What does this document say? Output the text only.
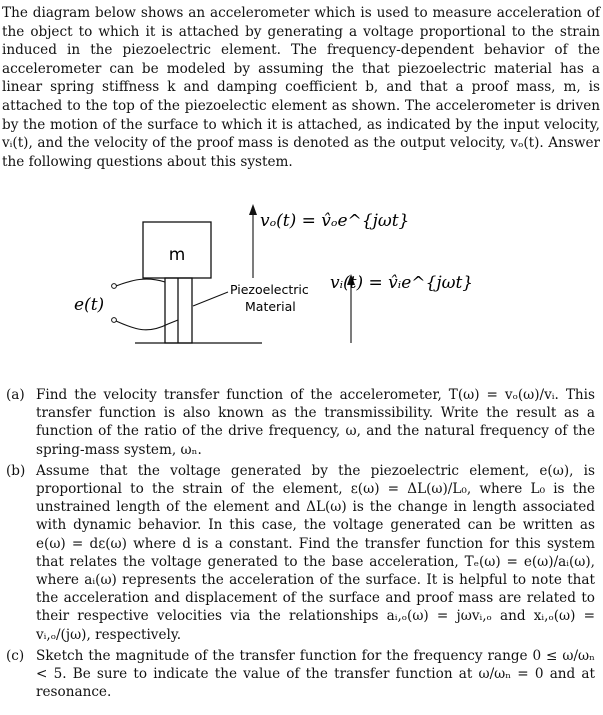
The diagram below shows an accelerometer which is used to measure acceleration of the object to which it is attached by generating a voltage proportional to the strain induced in the piezoelectric element. The frequency-dependent behavior of the accelerometer can be modeled by assuming the that piezoelectric material has a linear spring stiffness k and damping coefficient b, and that a proof mass, m, is attached to the top of the piezoelectic element as shown. The accelerometer is driven by the motion of the surface to which it is attached, as indicated by the input velocity, vᵢ(t), and the velocity of the proof mass is denoted as the output velocity, vₒ(t). Answer the following questions about this system.

m
vₒ(t) = v̂ₒe^{jωt}
vᵢ(t) = v̂ᵢe^{jωt}
Piezoelectric
Material
e(t)
(a) Find the velocity transfer function of the accelerometer, T(ω) = vₒ(ω)/vᵢ. This transfer function is also known as the transmissibility. Write the result as a function of the ratio of the drive frequency, ω, and the natural frequency of the spring-mass system, ωₙ.
(b) Assume that the voltage generated by the piezoelectric element, e(ω), is proportional to the strain of the element, ε(ω) = ΔL(ω)/L₀, where L₀ is the unstrained length of the element and ΔL(ω) is the change in length associated with dynamic behavior. In this case, the voltage generated can be written as e(ω) = dε(ω) where d is a constant. Find the transfer function for this system that relates the voltage generated to the base acceleration, Tₑ(ω) = e(ω)/aᵢ(ω), where aᵢ(ω) represents the acceleration of the surface. It is helpful to note that the acceleration and displacement of the surface and proof mass are related to their respective velocities via the relationships aᵢ,ₒ(ω) = jωvᵢ,ₒ and xᵢ,ₒ(ω) = vᵢ,ₒ/(jω), respectively.
(c) Sketch the magnitude of the transfer function for the frequency range 0 ≤ ω/ωₙ < 5. Be sure to indicate the value of the transfer function at ω/ωₙ = 0 and at resonance.
